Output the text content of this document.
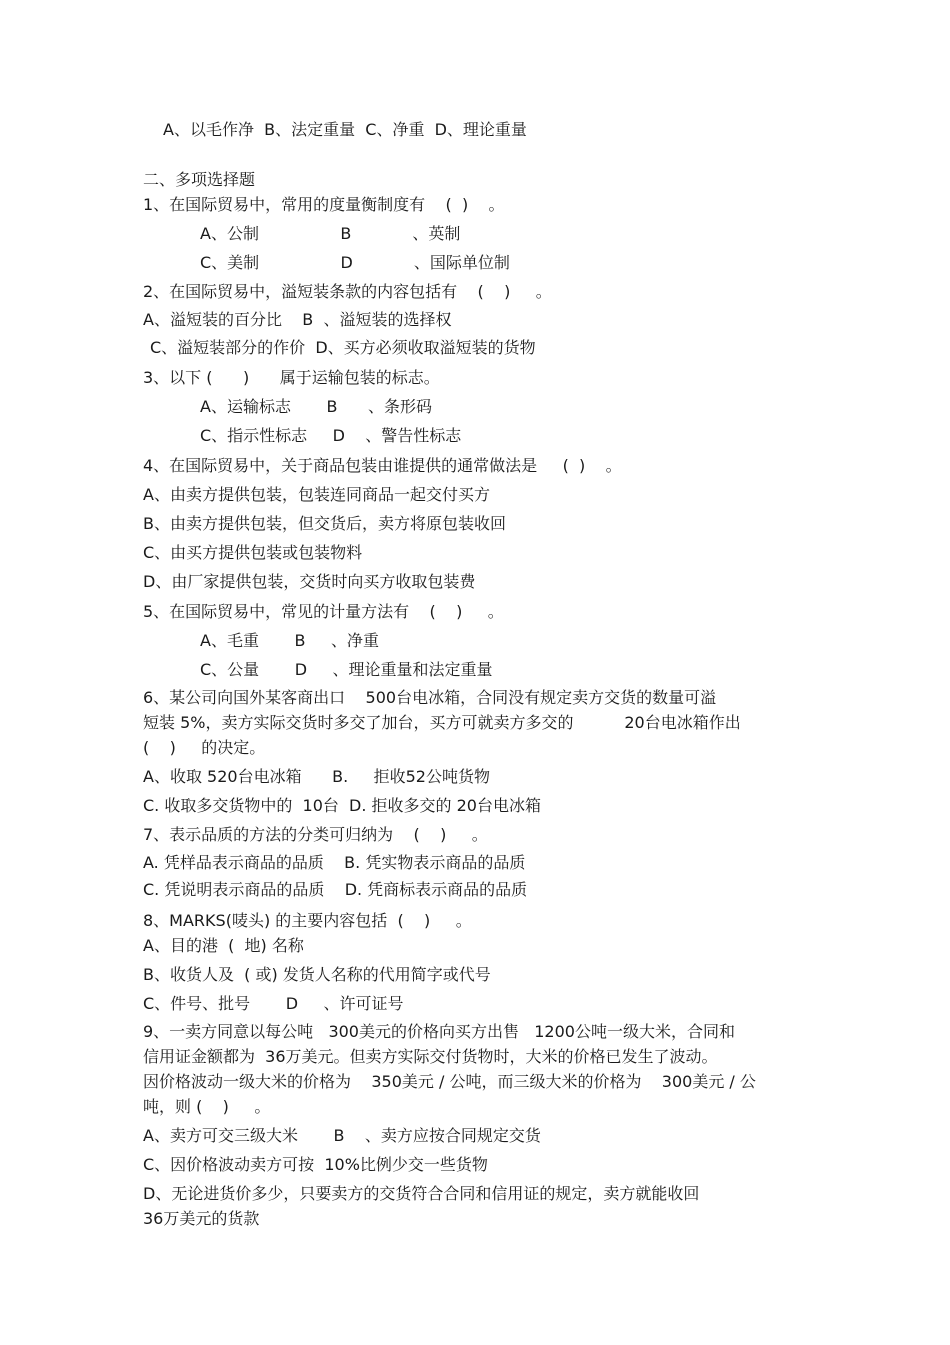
A、以毛作净  B、法定重量  C、净重  D、理论重量
二、多项选择题
1、在国际贸易中，常用的度量衡制度有    (  )    。
A、公制                B            、英制
C、美制                D            、国际单位制
2、在国际贸易中，溢短装条款的内容包括有    (    )     。
A、溢短装的百分比    B  、溢短装的选择权
C、溢短装部分的作价  D、买方必须收取溢短装的货物
3、以下 (      )      属于运输包装的标志。
A、运输标志       B      、条形码
C、指示性标志     D    、警告性标志
4、在国际贸易中，关于商品包装由谁提供的通常做法是     (  )    。
A、由卖方提供包装，包装连同商品一起交付买方
B、由卖方提供包装，但交货后，卖方将原包装收回
C、由买方提供包装或包装物料
D、由厂家提供包装，交货时向买方收取包装费
5、在国际贸易中，常见的计量方法有    (    )     。
A、毛重       B     、净重
C、公量       D     、理论重量和法定重量
6、某公司向国外某客商出口    500台电冰箱，合同没有规定卖方交货的数量可溢
短装 5%，卖方实际交货时多交了加台，买方可就卖方多交的          20台电冰箱作出
(    )     的决定。
A、收取 520台电冰箱      B.     拒收52公吨货物
C. 收取多交货物中的  10台  D. 拒收多交的 20台电冰箱
7、表示品质的方法的分类可归纳为    (    )     。
A. 凭样品表示商品的品质    B. 凭实物表示商品的品质
C. 凭说明表示商品的品质    D. 凭商标表示商品的品质
8、MARKS(唛头) 的主要内容包括  (    )     。
A、目的港  (  地) 名称
B、收货人及  ( 或) 发货人名称的代用简字或代号
C、件号、批号       D     、许可证号
9、一卖方同意以每公吨   300美元的价格向买方出售   1200公吨一级大米，合同和
信用证金额都为  36万美元。但卖方实际交付货物时，大米的价格已发生了波动。
因价格波动一级大米的价格为    350美元 / 公吨，而三级大米的价格为    300美元 / 公
吨，则 (    )     。
A、卖方可交三级大米       B    、卖方应按合同规定交货
C、因价格波动卖方可按  10%比例少交一些货物
D、无论进货价多少，只要卖方的交货符合合同和信用证的规定，卖方就能收回
36万美元的货款
